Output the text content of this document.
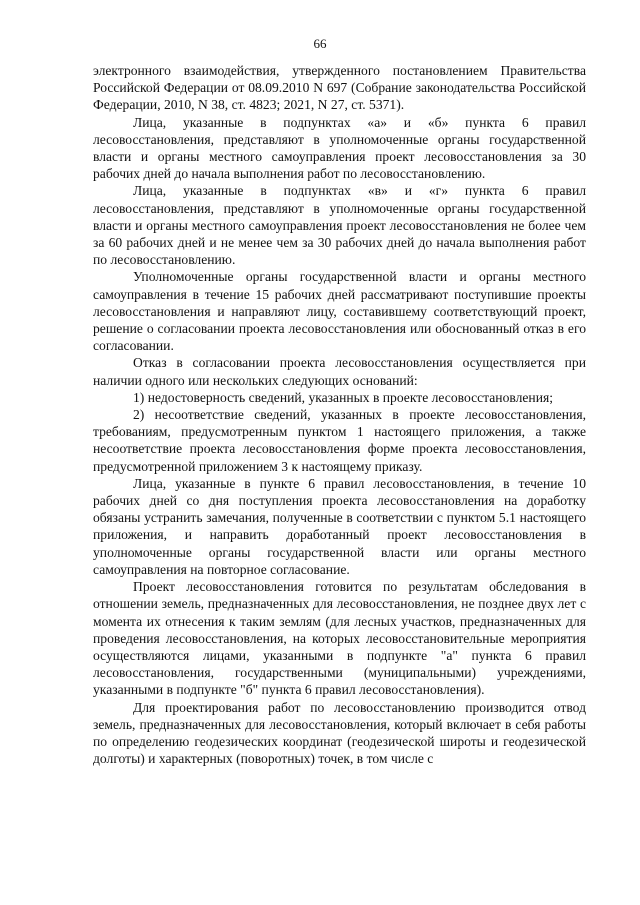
66

электронного взаимодействия, утвержденного постановлением Правительства Российской Федерации от 08.09.2010 N 697 (Собрание законодательства Российской Федерации, 2010, N 38, ст. 4823; 2021, N 27, ст. 5371).

Лица, указанные в подпунктах «а» и «б» пункта 6 правил лесовосстановления, представляют в уполномоченные органы государственной власти и органы местного самоуправления проект лесовосстановления за 30 рабочих дней до начала выполнения работ по лесовосстановлению.

Лица, указанные в подпунктах «в» и «г» пункта 6 правил лесовосстановления, представляют в уполномоченные органы государственной власти и органы местного самоуправления проект лесовосстановления не более чем за 60 рабочих дней и не менее чем за 30 рабочих дней до начала выполнения работ по лесовосстановлению.

Уполномоченные органы государственной власти и органы местного самоуправления в течение 15 рабочих дней рассматривают поступившие проекты лесовосстановления и направляют лицу, составившему соответствующий проект, решение о согласовании проекта лесовосстановления или обоснованный отказ в его согласовании.

Отказ в согласовании проекта лесовосстановления осуществляется при наличии одного или нескольких следующих оснований:

1) недостоверность сведений, указанных в проекте лесовосстановления;

2) несоответствие сведений, указанных в проекте лесовосстановления, требованиям, предусмотренным пунктом 1 настоящего приложения, а также несоответствие проекта лесовосстановления форме проекта лесовосстановления, предусмотренной приложением 3 к настоящему приказу.

Лица, указанные в пункте 6 правил лесовосстановления, в течение 10 рабочих дней со дня поступления проекта лесовосстановления на доработку обязаны устранить замечания, полученные в соответствии с пунктом 5.1 настоящего приложения, и направить доработанный проект лесовосстановления в уполномоченные органы государственной власти или органы местного самоуправления на повторное согласование.

Проект лесовосстановления готовится по результатам обследования в отношении земель, предназначенных для лесовосстановления, не позднее двух лет с момента их отнесения к таким землям (для лесных участков, предназначенных для проведения лесовосстановления, на которых лесовосстановительные мероприятия осуществляются лицами, указанными в подпункте "а" пункта 6 правил лесовосстановления, государственными (муниципальными) учреждениями, указанными в подпункте "б" пункта 6 правил лесовосстановления).

Для проектирования работ по лесовосстановлению производится отвод земель, предназначенных для лесовосстановления, который включает в себя работы по определению геодезических координат (геодезической широты и геодезической долготы) и характерных (поворотных) точек, в том числе с
